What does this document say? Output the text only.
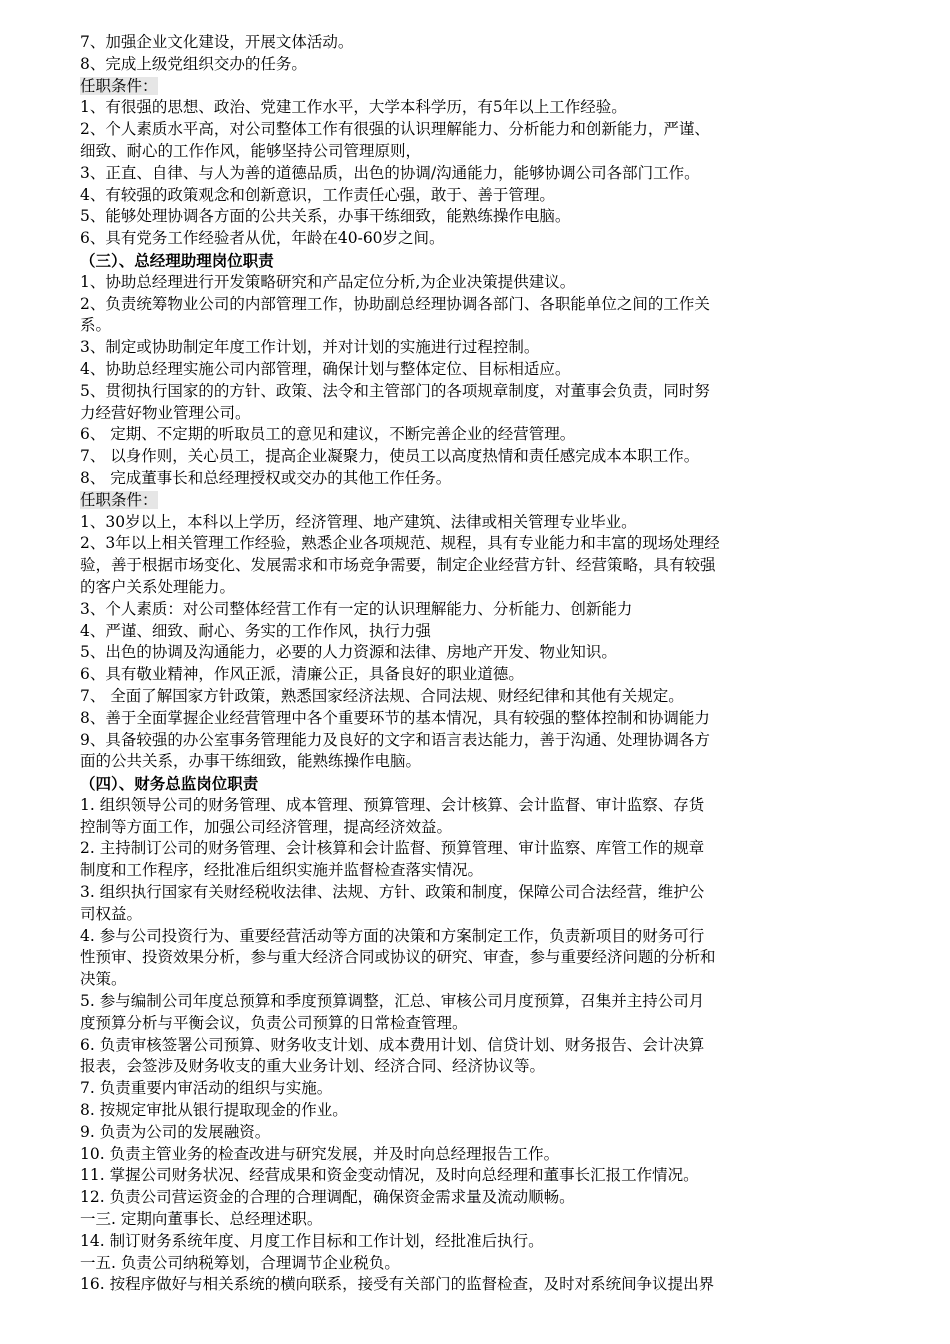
7、加强企业文化建设，开展文体活动。
8、完成上级党组织交办的任务。
任职条件：
1、有很强的思想、政治、党建工作水平，大学本科学历，有5年以上工作经验。
2、个人素质水平高，对公司整体工作有很强的认识理解能力、分析能力和创新能力，严谨、
细致、耐心的工作作风，能够坚持公司管理原则，
3、正直、自律、与人为善的道德品质，出色的协调/沟通能力，能够协调公司各部门工作。
4、有较强的政策观念和创新意识，工作责任心强，敢于、善于管理。
5、能够处理协调各方面的公共关系，办事干练细致，能熟练操作电脑。
6、具有党务工作经验者从优，年龄在40-60岁之间。
（三）、总经理助理岗位职责
1、协助总经理进行开发策略研究和产品定位分析,为企业决策提供建议。
2、负责统筹物业公司的内部管理工作，协助副总经理协调各部门、各职能单位之间的工作关
系。
3、制定或协助制定年度工作计划，并对计划的实施进行过程控制。
4、协助总经理实施公司内部管理，确保计划与整体定位、目标相适应。
5、贯彻执行国家的的方针、政策、法令和主管部门的各项规章制度，对董事会负责，同时努
力经营好物业管理公司。
6、 定期、不定期的听取员工的意见和建议，不断完善企业的经营管理。
7、 以身作则，关心员工，提高企业凝聚力，使员工以高度热情和责任感完成本本职工作。
8、 完成董事长和总经理授权或交办的其他工作任务。
任职条件：
1、30岁以上，本科以上学历，经济管理、地产建筑、法律或相关管理专业毕业。
2、3年以上相关管理工作经验，熟悉企业各项规范、规程，具有专业能力和丰富的现场处理经
验，善于根据市场变化、发展需求和市场竞争需要，制定企业经营方针、经营策略，具有较强
的客户关系处理能力。
3、个人素质：对公司整体经营工作有一定的认识理解能力、分析能力、创新能力
4、严谨、细致、耐心、务实的工作作风，执行力强
5、出色的协调及沟通能力，必要的人力资源和法律、房地产开发、物业知识。
6、具有敬业精神，作风正派，清廉公正，具备良好的职业道德。
7、 全面了解国家方针政策，熟悉国家经济法规、合同法规、财经纪律和其他有关规定。
8、善于全面掌握企业经营管理中各个重要环节的基本情况，具有较强的整体控制和协调能力
9、具备较强的办公室事务管理能力及良好的文字和语言表达能力，善于沟通、处理协调各方
面的公共关系，办事干练细致，能熟练操作电脑。
（四）、财务总监岗位职责
1. 组织领导公司的财务管理、成本管理、预算管理、会计核算、会计监督、审计监察、存货
控制等方面工作，加强公司经济管理，提高经济效益。
2. 主持制订公司的财务管理、会计核算和会计监督、预算管理、审计监察、库管工作的规章
制度和工作程序，经批准后组织实施并监督检查落实情况。
3. 组织执行国家有关财经税收法律、法规、方针、政策和制度，保障公司合法经营，维护公
司权益。
4. 参与公司投资行为、重要经营活动等方面的决策和方案制定工作，负责新项目的财务可行
性预审、投资效果分析，参与重大经济合同或协议的研究、审查，参与重要经济问题的分析和
决策。
5. 参与编制公司年度总预算和季度预算调整，汇总、审核公司月度预算，召集并主持公司月
度预算分析与平衡会议，负责公司预算的日常检查管理。
6. 负责审核签署公司预算、财务收支计划、成本费用计划、信贷计划、财务报告、会计决算
报表，会签涉及财务收支的重大业务计划、经济合同、经济协议等。
7. 负责重要内审活动的组织与实施。
8. 按规定审批从银行提取现金的作业。
9. 负责为公司的发展融资。
10. 负责主管业务的检查改进与研究发展，并及时向总经理报告工作。
11. 掌握公司财务状况、经营成果和资金变动情况，及时向总经理和董事长汇报工作情况。
12. 负责公司营运资金的合理的合理调配，确保资金需求量及流动顺畅。
一三. 定期向董事长、总经理述职。
14. 制订财务系统年度、月度工作目标和工作计划，经批准后执行。
一五. 负责公司纳税筹划，合理调节企业税负。
16. 按程序做好与相关系统的横向联系，接受有关部门的监督检查，及时对系统间争议提出界
